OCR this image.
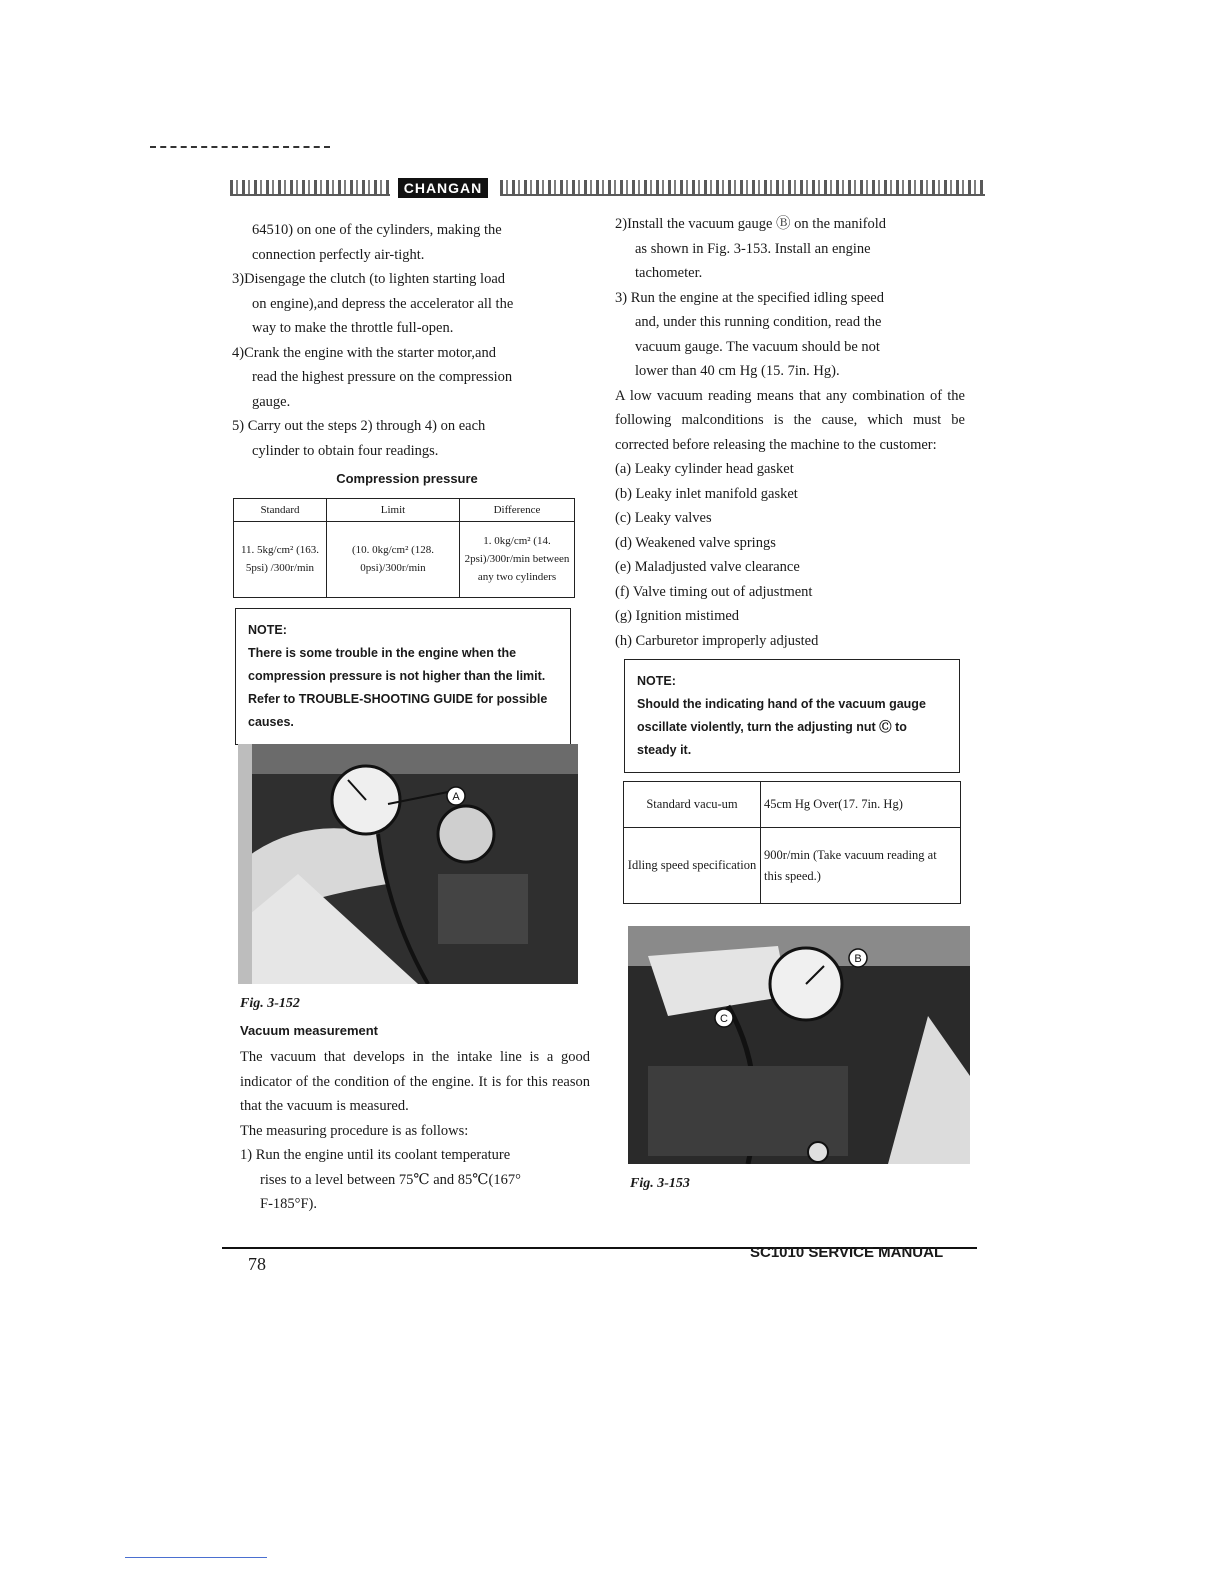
CHANGAN
64510) on one of the cylinders, making the
connection perfectly air-tight.
3)Disengage the clutch (to lighten starting load
on engine),and depress the accelerator all the
way to make the throttle full-open.
4)Crank the engine with the starter motor,and
read the highest pressure on the compression
gauge.
5) Carry out the steps 2) through 4) on each
cylinder to obtain four readings.
Compression pressure
Standard	Limit	Difference
11. 5kg/cm² (163. 5psi) /300r/min	(10. 0kg/cm² (128. 0psi)/300r/min	1. 0kg/cm² (14. 2psi)/300r/min between any two cylinders
NOTE:
There is some trouble in the engine when the compression pressure is not higher than the limit. Refer to TROUBLE-SHOOTING GUIDE for possible causes.
A
Fig. 3-152
Vacuum measurement
The vacuum that develops in the intake line is a good indicator of the condition of the engine. It is for this reason that the vacuum is measured.
The measuring procedure is as follows:
1) Run the engine until its coolant temperature
rises to a level between 75℃ and 85℃(167°
F-185°F).
2)Install the vacuum gauge Ⓑ on the manifold
as shown in Fig. 3-153. Install an engine
tachometer.
3) Run the engine at the specified idling speed
and, under this running condition, read the
vacuum gauge. The vacuum should be not
lower than 40 cm Hg (15. 7in. Hg).
A low vacuum reading means that any combination of the following malconditions is the cause, which must be corrected before releasing the machine to the customer:
(a) Leaky cylinder head gasket
(b) Leaky inlet manifold gasket
(c) Leaky valves
(d) Weakened valve springs
(e) Maladjusted valve clearance
(f) Valve timing out of adjustment
(g) Ignition mistimed
(h) Carburetor improperly adjusted
NOTE:
Should the indicating hand of the vacuum gauge oscillate violently, turn the adjusting nut Ⓒ to steady it.
Standard vacu-um	45cm Hg Over(17. 7in. Hg)
Idling speed specification	900r/min (Take vacuum reading at this speed.)
B
C
Fig. 3-153
78
SC1010 SERVICE MANUAL
